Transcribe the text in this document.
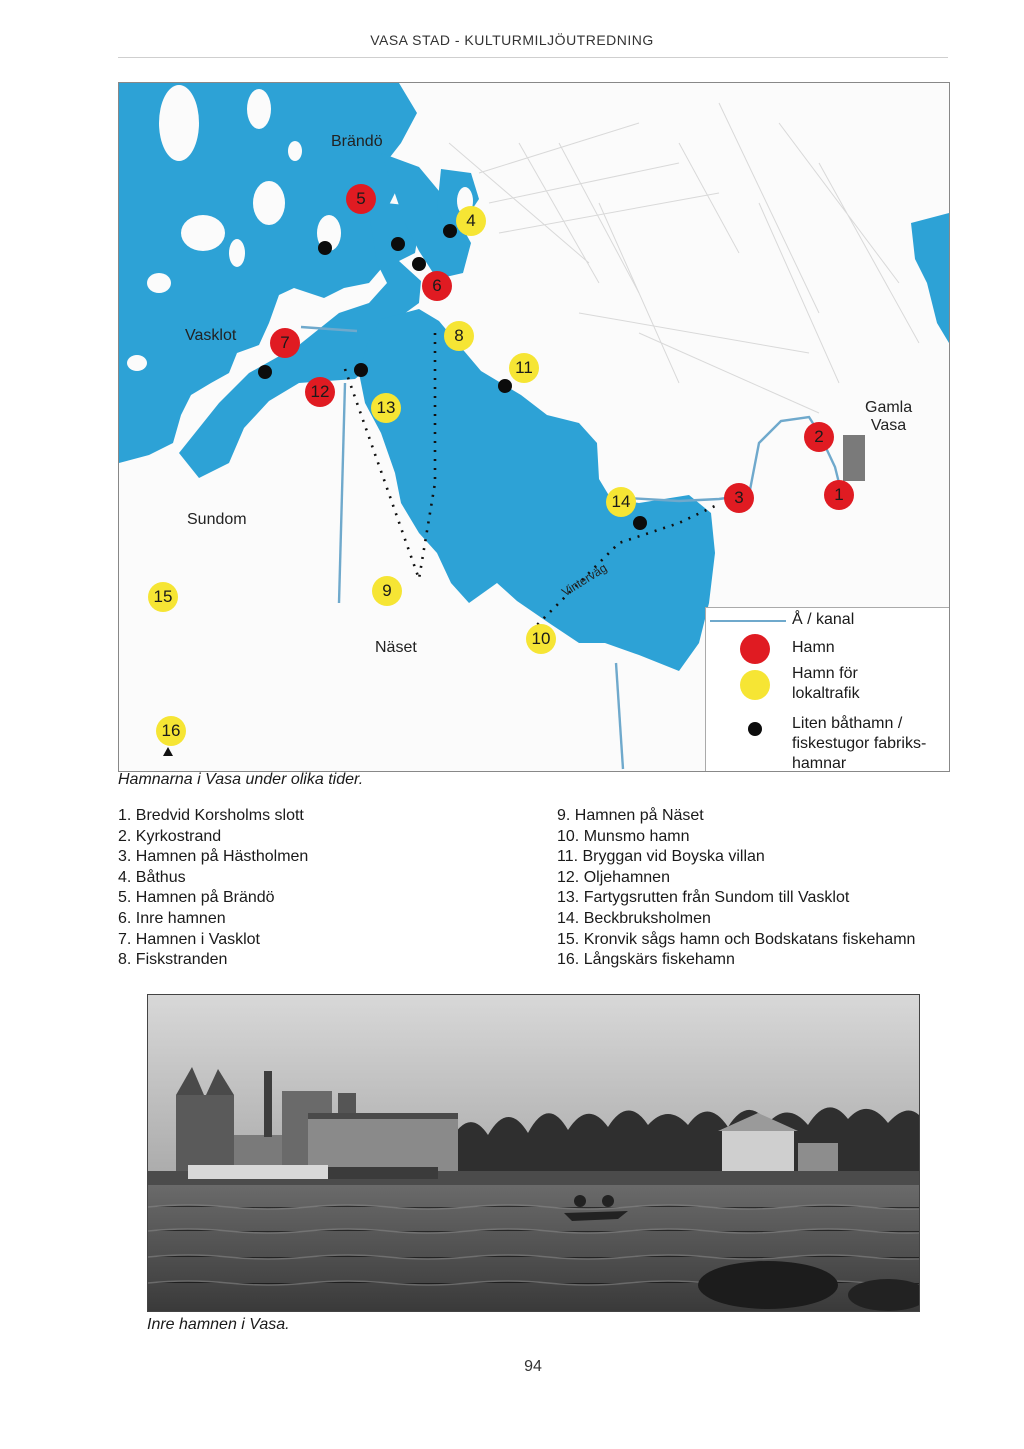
VASA STAD - KULTURMILJÖUTREDNING
Brändö
Vasklot
Sundom
Näset
Gamla
Vasa
Vinterväg
1
2
3
4
5
6
7	8
9
10
11
12
13
14
15
16
Å / kanal
Hamn
Hamn för
lokaltrafik
Liten båthamn /
fiskestugor fabriks-
hamnar
Hamnarna i Vasa under olika tider.
1. Bredvid Korsholms slott
2. Kyrkostrand
3. Hamnen på Hästholmen
4. Båthus
5. Hamnen på Brändö
6. Inre hamnen
7. Hamnen i Vasklot
8. Fiskstranden
9. Hamnen på Näset
10. Munsmo hamn
11. Bryggan vid Boyska villan
12. Oljehamnen
13. Fartygsrutten från Sundom till Vasklot
14. Beckbruksholmen
15. Kronvik sågs hamn och Bodskatans fiskehamn
16. Långskärs fiskehamn
Inre hamnen i Vasa.
94
